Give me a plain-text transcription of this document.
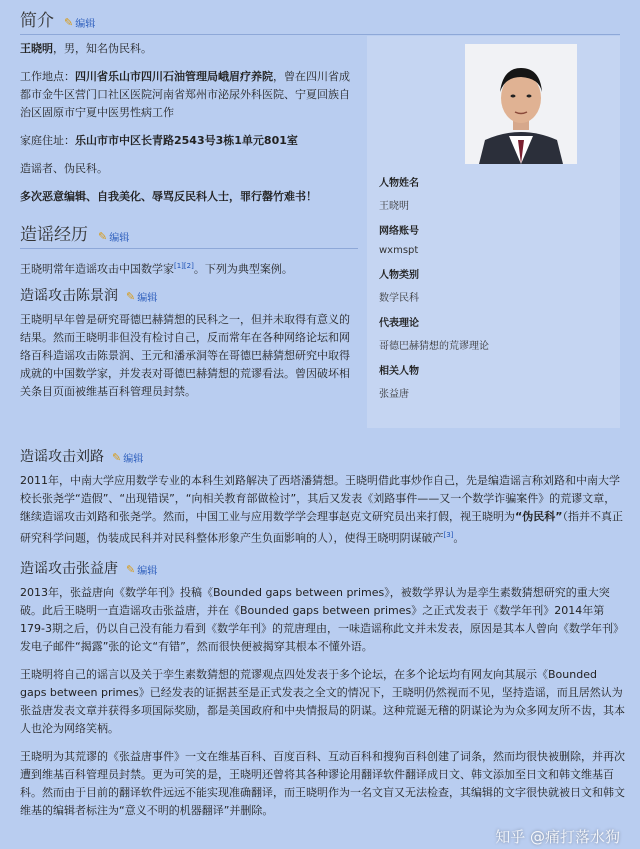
简介 ✎ 编辑

王晓明，男，知名伪民科。

工作地点：四川省乐山市四川石油管理局峨眉疗养院，曾在四川省成都市金牛区营门口社区医院河南省郑州市泌尿外科医院、宁夏回族自治区固原市宁夏中医男性病工作

家庭住址：乐山市市中区长青路2543号3栋1单元801室

造谣者、伪民科。

多次恶意编辑、自我美化、辱骂反民科人士，罪行罄竹难书！

造谣经历 ✎ 编辑

王晓明常年造谣攻击中国数学家[1][2]。下列为典型案例。

造谣攻击陈景润 ✎ 编辑

王晓明早年曾是研究哥德巴赫猜想的民科之一，但并未取得有意义的结果。然而王晓明非但没有检讨自己，反而常年在各种网络论坛和网络百科造谣攻击陈景润、王元和潘承洞等在哥德巴赫猜想研究中取得成就的中国数学家，并发表对哥德巴赫猜想的荒谬看法。曾因破坏相关条目页面被维基百科管理员封禁。

人物姓名
王晓明
网络账号
wxmspt
人物类别
数学民科
代表理论
哥德巴赫猜想的荒谬理论
相关人物
张益唐
造谣攻击刘路 ✎ 编辑

2011年，中南大学应用数学专业的本科生刘路解决了西塔潘猜想。王晓明借此事炒作自己，先是编造谣言称刘路和中南大学校长张尧学“造假”、“出现错误”，“向相关教育部做检讨”，其后又发表《刘路事件——又一个数学诈骗案件》的荒谬文章，继续造谣攻击刘路和张尧学。然而，中国工业与应用数学学会理事赵克文研究员出来打假，视王晓明为“伪民科”（指并不真正研究科学问题，伪装成民科并对民科整体形象产生负面影响的人），使得王晓明阴谋破产[3]。

造谣攻击张益唐 ✎ 编辑

2013年，张益唐向《数学年刊》投稿《Bounded gaps between primes》，被数学界认为是孪生素数猜想研究的重大突破。此后王晓明一直造谣攻击张益唐，并在《Bounded gaps between primes》之正式发表于《数学年刊》2014年第179-3期之后，仍以自己没有能力看到《数学年刊》的荒唐理由，一味造谣称此文并未发表，原因是其本人曾向《数学年刊》发电子邮件“揭露”张的论文“有错”，然而很快便被揭穿其根本不懂外语。

王晓明将自己的谣言以及关于孪生素数猜想的荒谬观点四处发表于多个论坛，在多个论坛均有网友向其展示《Bounded gaps between primes》已经发表的证据甚至是正式发表之全文的情况下，王晓明仍然视而不见，坚持造谣，而且居然认为张益唐发表文章并获得多项国际奖励，都是美国政府和中央情报局的阴谋。这种荒诞无稽的阴谋论为为众多网友所不齿，其本人也沦为网络笑柄。

王晓明为其荒谬的《张益唐事件》一文在维基百科、百度百科、互动百科和搜狗百科创建了词条，然而均很快被删除，并再次遭到维基百科管理员封禁。更为可笑的是，王晓明还曾将其各种谬论用翻译软件翻译成日文、韩文添加至日文和韩文维基百科。然而由于目前的翻译软件远远不能实现准确翻译，而王晓明作为一名文盲又无法检查，其编辑的文字很快就被日文和韩文维基的编辑者标注为“意义不明的机器翻译”并删除。

知乎 @痛打落水狗
